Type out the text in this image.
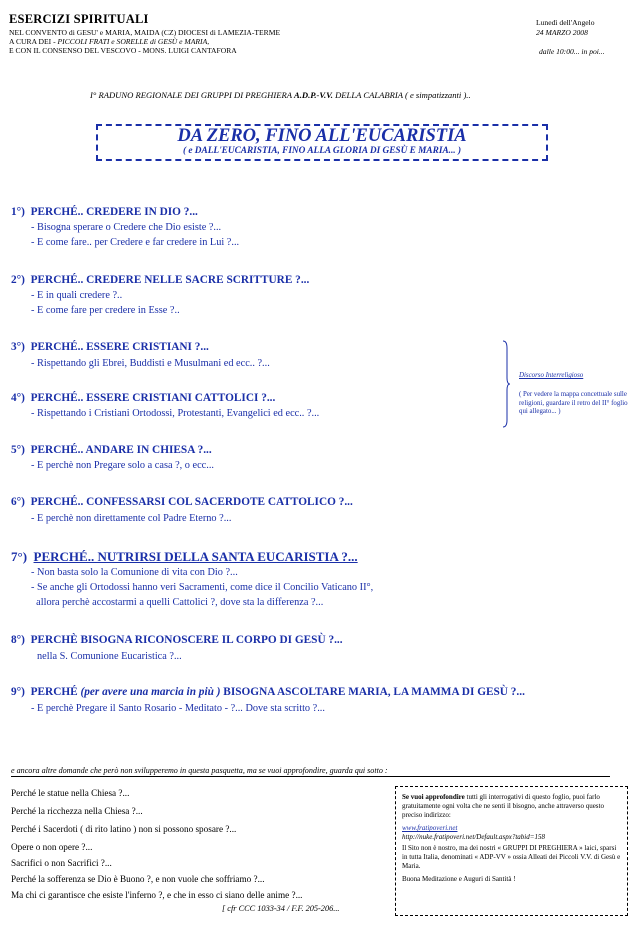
ESERCIZI SPIRITUALI
NEL CONVENTO di GESU' e MARIA, MAIDA (CZ) DIOCESI di LAMEZIA-TERME
A CURA DEI - PICCOLI FRATI e SORELLE di GESÙ e MARIA,
E CON IL CONSENSO DEL VESCOVO - MONS. LUIGI CANTAFORA
Lunedì dell'Angelo
24 MARZO 2008
dalle 10:00... in poi...
I° RADUNO REGIONALE DEI GRUPPI DI PREGHIERA A.D.P.-V.V. DELLA CALABRIA ( e simpatizzanti )..
DA ZERO, FINO ALL'EUCARISTIA
( e DALL'EUCARISTIA, FINO ALLA GLORIA DI GESÙ E MARIA... )
1°) PERCHÉ.. CREDERE IN DIO ?...
- Bisogna sperare o Credere che Dio esiste ?...
- E come fare.. per Credere e far credere in Lui ?...
2°) PERCHÉ.. CREDERE NELLE SACRE SCRITTURE ?...
- E in quali credere ?..
- E come fare per credere in Esse ?..
3°) PERCHÉ.. ESSERE CRISTIANI ?...
- Rispettando gli Ebrei, Buddisti e Musulmani ed ecc.. ?...
4°) PERCHÉ.. ESSERE CRISTIANI CATTOLICI ?...
- Rispettando i Cristiani Ortodossi, Protestanti, Evangelici ed ecc.. ?...
5°) PERCHÉ.. ANDARE IN CHIESA ?...
- E perchè non Pregare solo a casa ?, o ecc...
6°) PERCHÉ.. CONFESSARSI COL SACERDOTE CATTOLICO ?...
- E perchè non direttamente col Padre Eterno ?...
7°) PERCHÉ.. NUTRIRSI DELLA SANTA EUCARISTIA ?...
- Non basta solo la Comunione di vita con Dio ?...
- Se anche gli Ortodossi hanno veri Sacramenti, come dice il Concilio Vaticano II°,
allora perchè accostarmi a quelli Cattolici ?, dove sta la differenza ?...
8°) PERCHÈ BISOGNA RICONOSCERE IL CORPO DI GESÙ ?...
nella S. Comunione Eucaristica ?...
9°) PERCHÉ (per avere una marcia in più ) BISOGNA ASCOLTARE MARIA, LA MAMMA DI GESÙ ?...
- E perchè Pregare il Santo Rosario - Meditato - ?... Dove sta scritto ?...
Discorso Interreligioso
( Per vedere la mappa concettuale sulle religioni, guardare il retro del II° foglio qui allegato... )
e ancora altre domande che però non svilupperemo in questa pasquetta, ma se vuoi approfondire, guarda qui sotto :
Perché le statue nella Chiesa ?...
Perché la ricchezza nella Chiesa ?...
Perché i Sacerdoti ( di rito latino ) non si possono sposare ?...
Opere o non opere ?...
Sacrifici o non Sacrifici ?...
Perché la sofferenza se Dio è Buono ?, e non vuole che soffriamo ?...
Ma chi ci garantisce che esiste l'inferno ?, e che in esso ci siano delle anime ?...
[ cfr CCC 1033-34 / F.F. 205-206...

Se vuoi approfondire tutti gli interrogativi di questo foglio, puoi farlo gratuitamente ogni volta che ne senti il bisogno, anche attraverso questo preciso indirizzo:

www.fratipoveri.net
http://nuke.fratipoveri.net/Default.aspx?tabid=158

Il Sito non è nostro, ma dei nostri « GRUPPI DI PREGHIERA » laici, sparsi in tutta Italia, denominati « ADP-VV » ossia Alleati dei Piccoli V.V. di Gesù e Maria.

Buona Meditazione e Auguri di Santità !
